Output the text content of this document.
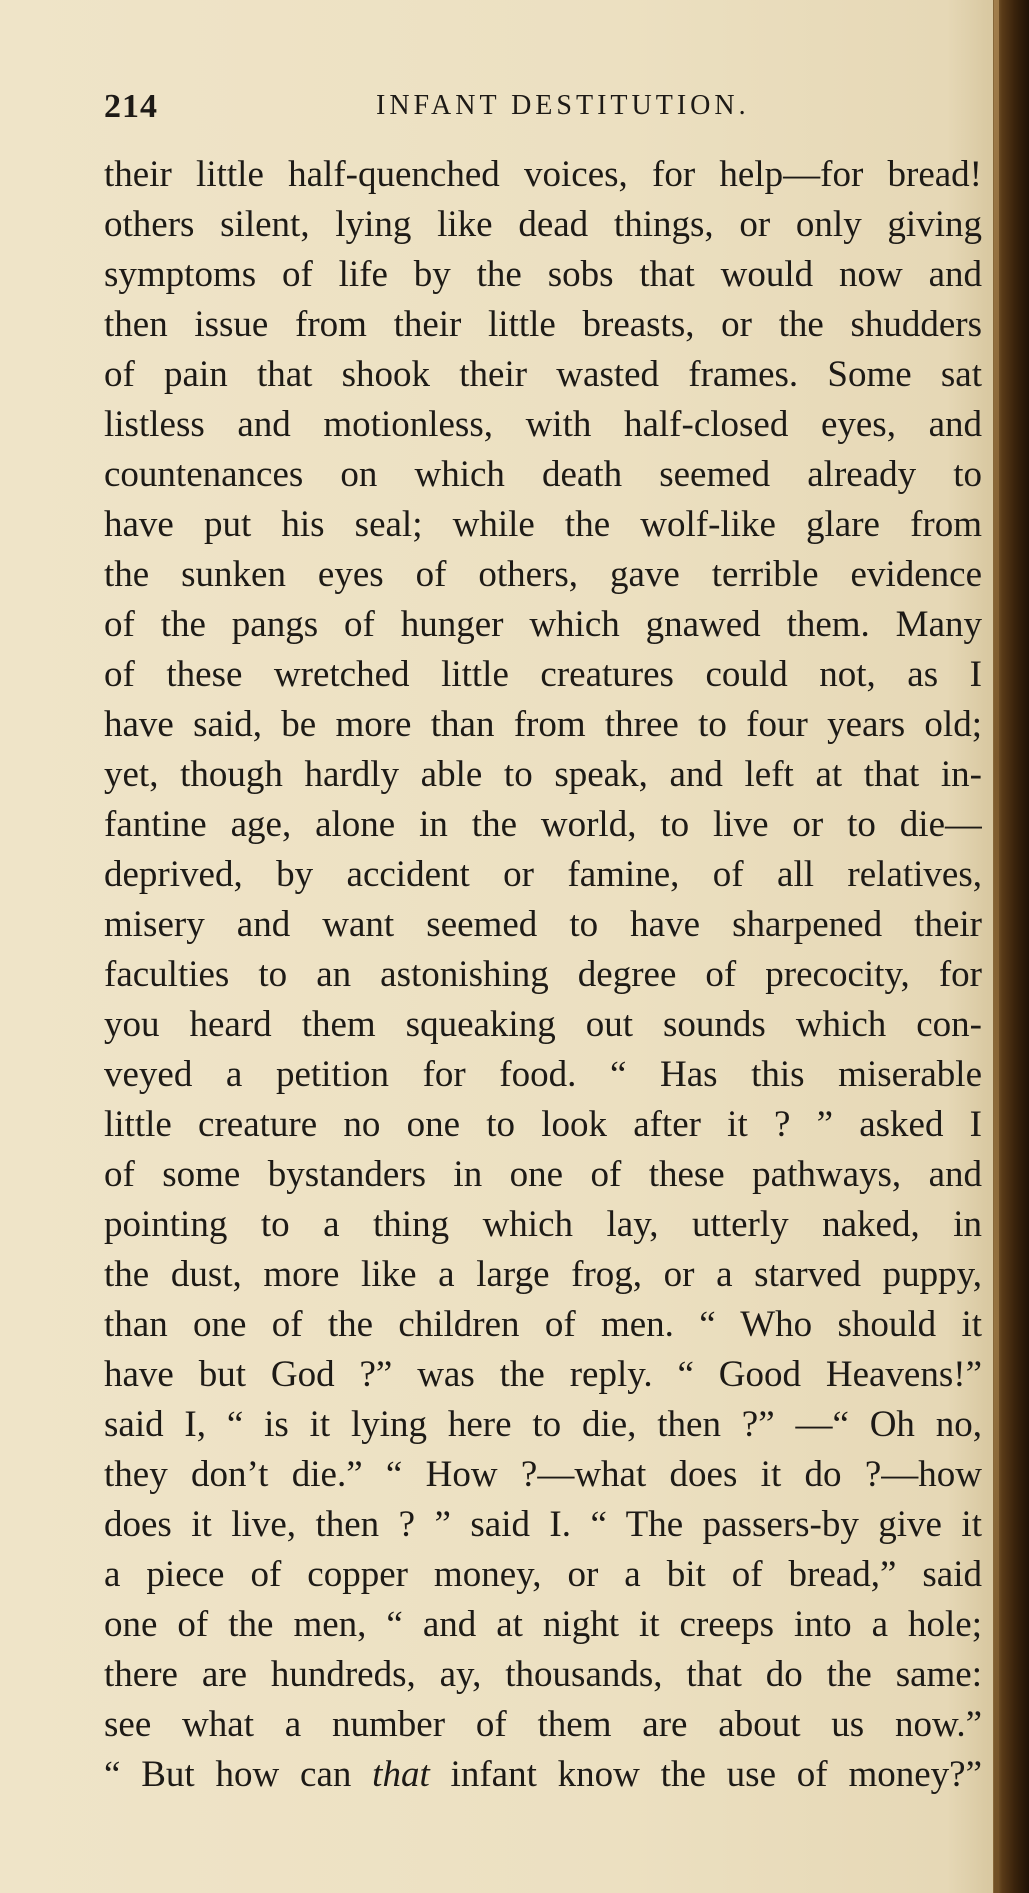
214	INFANT DESTITUTION.
their little half-quenched voices, for help—for bread!
others silent, lying like dead things, or only giving
symptoms of life by the sobs that would now and
then issue from their little breasts, or the shudders
of pain that shook their wasted frames. Some sat
listless and motionless, with half-closed eyes, and
countenances on which death seemed already to
have put his seal; while the wolf-like glare from
the sunken eyes of others, gave terrible evidence
of the pangs of hunger which gnawed them. Many
of these wretched little creatures could not, as I
have said, be more than from three to four years old;
yet, though hardly able to speak, and left at that in-
fantine age, alone in the world, to live or to die—
deprived, by accident or famine, of all relatives,
misery and want seemed to have sharpened their
faculties to an astonishing degree of precocity, for
you heard them squeaking out sounds which con-
veyed a petition for food. “ Has this miserable
little creature no one to look after it ? ” asked I
of some bystanders in one of these pathways, and
pointing to a thing which lay, utterly naked, in
the dust, more like a large frog, or a starved puppy,
than one of the children of men. “ Who should it
have but God ?” was the reply. “ Good Heavens!”
said I, “ is it lying here to die, then ?” —“ Oh no,
they don’t die.” “ How ?—what does it do ?—how
does it live, then ? ” said I. “ The passers-by give it
a piece of copper money, or a bit of bread,” said
one of the men, “ and at night it creeps into a hole;
there are hundreds, ay, thousands, that do the same:
see what a number of them are about us now.”
“ But how can that infant know the use of money?”
